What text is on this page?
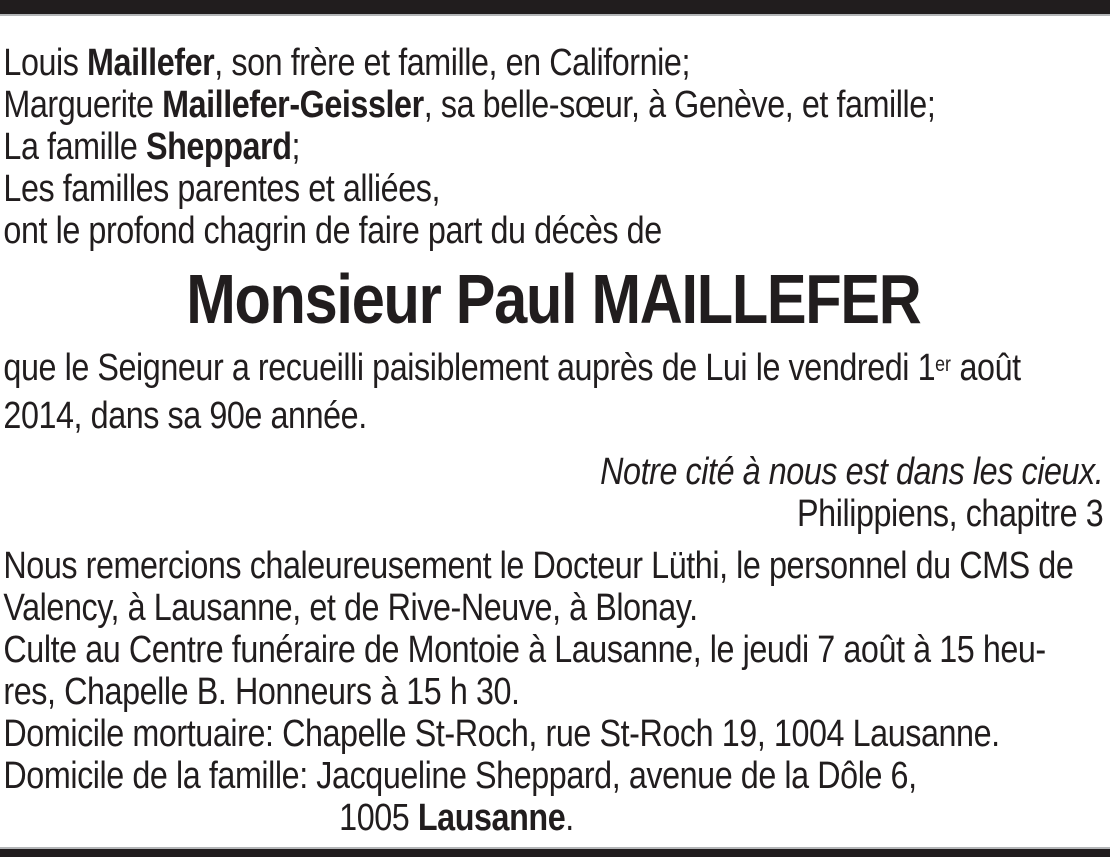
Louis Maillefer, son frère et famille, en Californie;
Marguerite Maillefer-Geissler, sa belle-sœur, à Genève, et famille;
La famille Sheppard;
Les familles parentes et alliées,
ont le profond chagrin de faire part du décès de
Monsieur Paul MAILLEFER
que le Seigneur a recueilli paisiblement auprès de Lui le vendredi 1er août
2014, dans sa 90e année.
Notre cité à nous est dans les cieux.
Philippiens, chapitre 3
Nous remercions chaleureusement le Docteur Lüthi, le personnel du CMS de
Valency, à Lausanne, et de Rive-Neuve, à Blonay.
Culte au Centre funéraire de Montoie à Lausanne, le jeudi 7 août à 15 heu-
res, Chapelle B. Honneurs à 15 h 30.
Domicile mortuaire: Chapelle St-Roch, rue St-Roch 19, 1004 Lausanne.
Domicile de la famille: Jacqueline Sheppard, avenue de la Dôle 6,
1005 Lausanne.
